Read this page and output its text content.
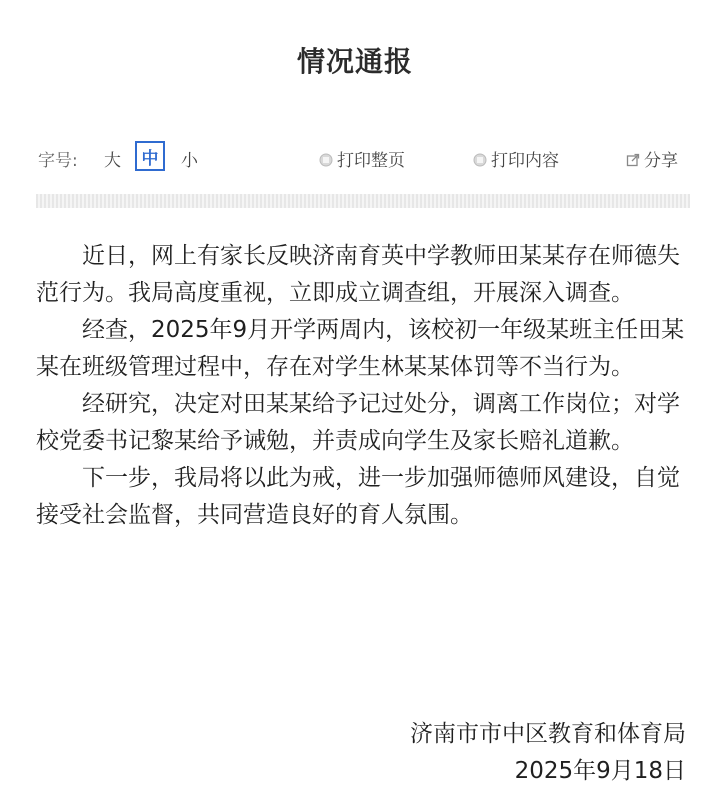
情况通报
字号: 大	中	小	打印整页	打印内容	分享

近日，网上有家长反映济南育英中学教师田某某存在师德失范行为。我局高度重视，立即成立调查组，开展深入调查。

经查，2025年9月开学两周内，该校初一年级某班主任田某某在班级管理过程中，存在对学生林某某体罚等不当行为。

经研究，决定对田某某给予记过处分，调离工作岗位；对学校党委书记黎某给予诫勉，并责成向学生及家长赔礼道歉。

下一步，我局将以此为戒，进一步加强师德师风建设，自觉接受社会监督，共同营造良好的育人氛围。

济南市市中区教育和体育局
2025年9月18日
